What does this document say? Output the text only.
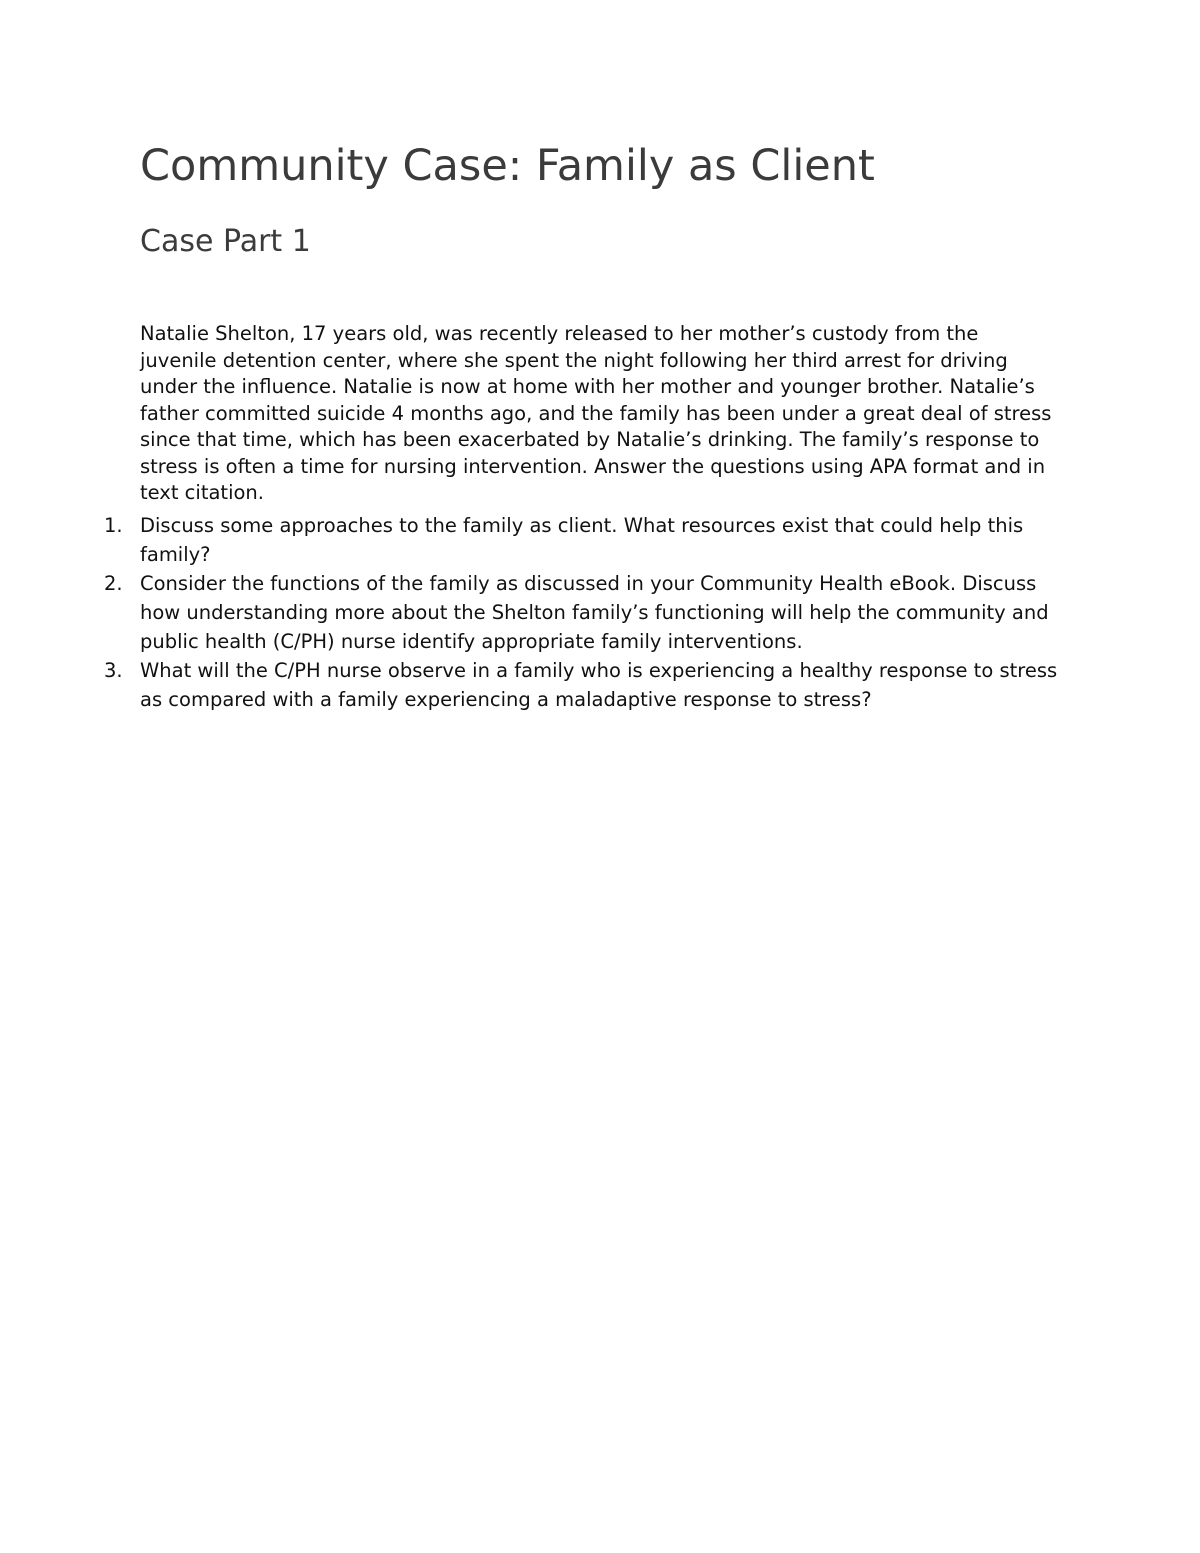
Community Case: Family as Client
Case Part 1

Natalie Shelton, 17 years old, was recently released to her mother’s custody from the juvenile detention center, where she spent the night following her third arrest for driving under the influence. Natalie is now at home with her mother and younger brother. Natalie’s father committed suicide 4 months ago, and the family has been under a great deal of stress since that time, which has been exacerbated by Natalie’s drinking. The family’s response to stress is often a time for nursing intervention. Answer the questions using APA format and in text citation.

1. Discuss some approaches to the family as client. What resources exist that could help this family?
2. Consider the functions of the family as discussed in your Community Health eBook. Discuss how understanding more about the Shelton family’s functioning will help the community and public health (C/PH) nurse identify appropriate family interventions.
3. What will the C/PH nurse observe in a family who is experiencing a healthy response to stress as compared with a family experiencing a maladaptive response to stress?
